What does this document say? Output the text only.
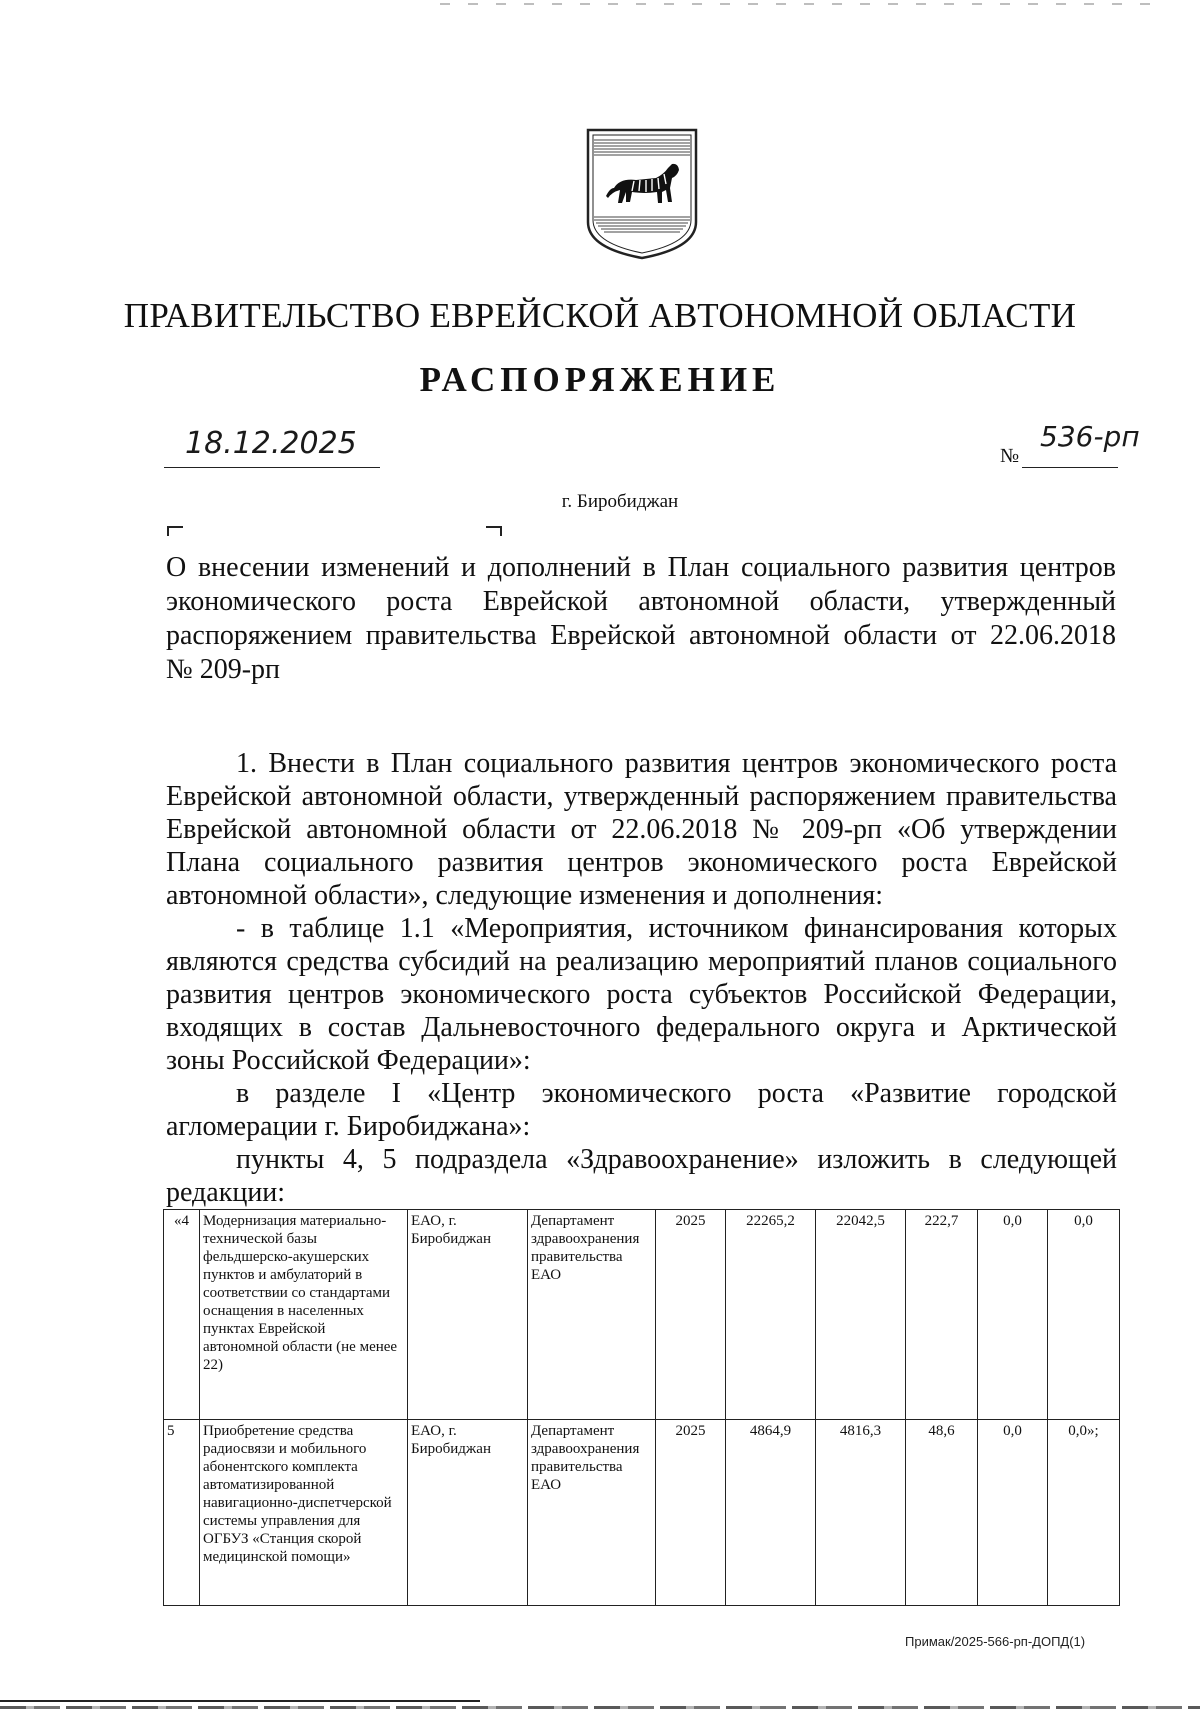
ПРАВИТЕЛЬСТВО ЕВРЕЙСКОЙ АВТОНОМНОЙ ОБЛАСТИ
РАСПОРЯЖЕНИЕ
18.12.2025	№
536-рп
г. Биробиджан
О внесении изменений и дополнений в План социального развития центров
экономического роста Еврейской автономной области, утвержденный
распоряжением правительства Еврейской автономной области от 22.06.2018
№ 209-рп

1. Внести в План социального развития центров экономического роста Еврейской автономной области, утвержденный распоряжением правительства Еврейской автономной области от 22.06.2018 № 209-рп «Об утверждении Плана социального развития центров экономического роста Еврейской автономной области», следующие изменения и дополнения:

- в таблице 1.1 «Мероприятия, источником финансирования которых являются средства субсидий на реализацию мероприятий планов социального развития центров экономического роста субъектов Российской Федерации, входящих в состав Дальневосточного федерального округа и Арктической зоны Российской Федерации»:

в разделе I «Центр экономического роста «Развитие городской агломерации г. Биробиджана»:

пункты 4, 5 подраздела «Здравоохранение» изложить в следующей редакции:

«4	Модернизация материально-технической базы фельдшерско-акушерских пунктов и амбулаторий в соответствии со стандартами оснащения в населенных пунктах Еврейской автономной области (не менее 22)	ЕАО, г. Биробиджан	Департамент здравоохранения правительства ЕАО	2025	22265,2	22042,5	222,7	0,0	0,0
5	Приобретение средства радиосвязи и мобильного абонентского комплекта автоматизированной навигационно-диспетчерской системы управления для ОГБУЗ «Станция скорой медицинской помощи»	ЕАО, г. Биробиджан	Департамент здравоохранения правительства ЕАО	2025	4864,9	4816,3	48,6	0,0	0,0»;
Примак/2025-566-рп-ДОПД(1)
